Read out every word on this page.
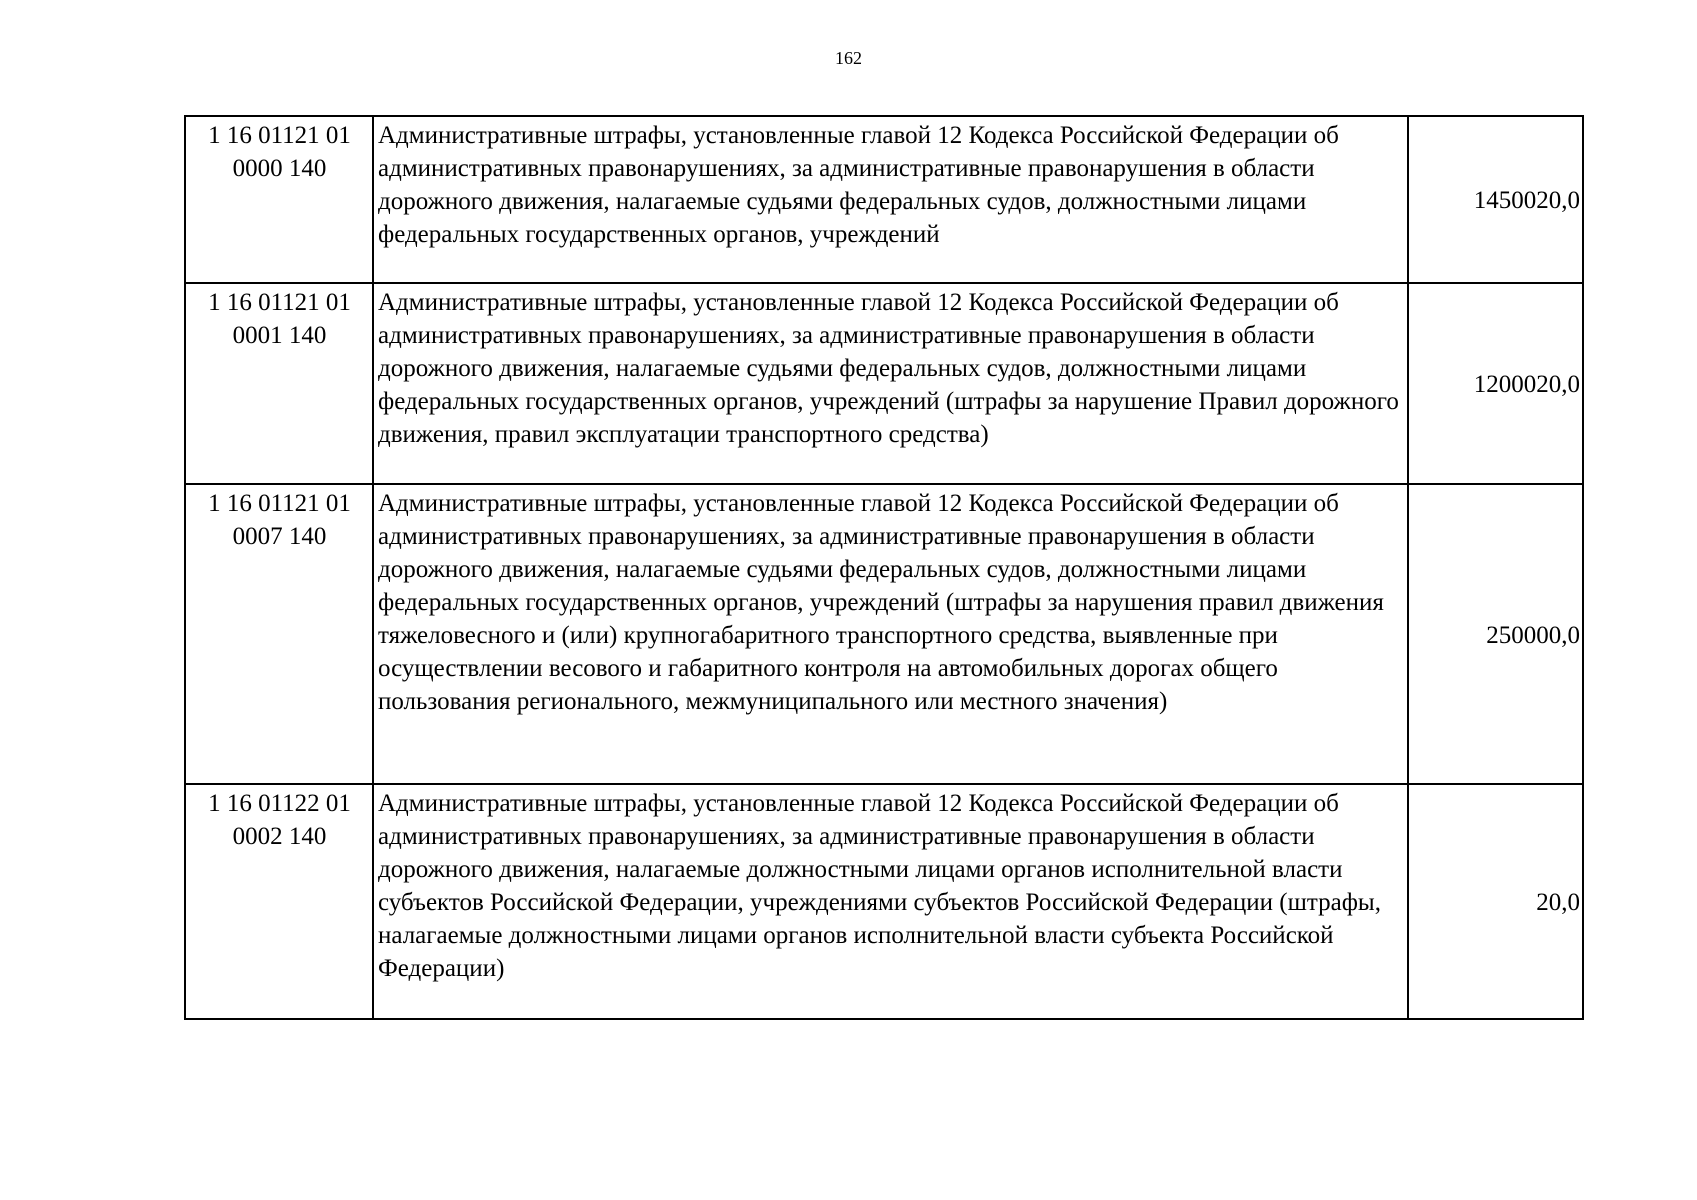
162
1 16 01121 01
0000 140	Административные штрафы, установленные главой 12 Кодекса Российской Федерации об административных правонарушениях, за административные правонарушения в области дорожного движения, налагаемые судьями федеральных судов, должностными лицами федеральных государственных органов, учреждений	1450020,0

1 16 01121 01
0001 140	Административные штрафы, установленные главой 12 Кодекса Российской Федерации об административных правонарушениях, за административные правонарушения в области дорожного движения, налагаемые судьями федеральных судов, должностными лицами федеральных государственных органов, учреждений (штрафы за нарушение Правил дорожного движения, правил эксплуатации транспортного средства)	1200020,0

1 16 01121 01
0007 140	Административные штрафы, установленные главой 12 Кодекса Российской Федерации об административных правонарушениях, за административные правонарушения в области дорожного движения, налагаемые судьями федеральных судов, должностными лицами федеральных государственных органов, учреждений (штрафы за нарушения правил движения тяжеловесного и (или) крупногабаритного транспортного средства, выявленные при осуществлении весового и габаритного контроля на автомобильных дорогах общего пользования регионального, межмуниципального или местного значения)	250000,0

1 16 01122 01
0002 140	Административные штрафы, установленные главой 12 Кодекса Российской Федерации об административных правонарушениях, за административные правонарушения в области дорожного движения, налагаемые должностными лицами органов исполнительной власти субъектов Российской Федерации, учреждениями субъектов Российской Федерации (штрафы, налагаемые должностными лицами органов исполнительной власти субъекта Российской Федерации)	20,0
